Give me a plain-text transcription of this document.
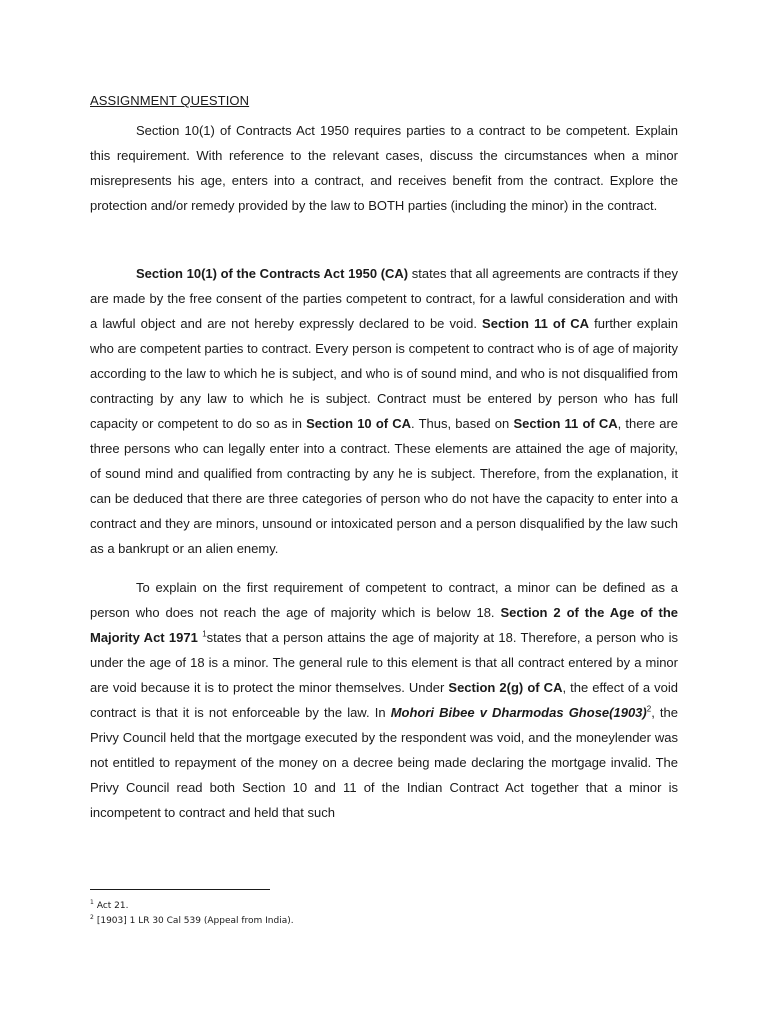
ASSIGNMENT QUESTION

Section 10(1) of Contracts Act 1950 requires parties to a contract to be competent. Explain this requirement. With reference to the relevant cases, discuss the circumstances when a minor misrepresents his age, enters into a contract, and receives benefit from the contract. Explore the protection and/or remedy provided by the law to BOTH parties (including the minor) in the contract.

Section 10(1) of the Contracts Act 1950 (CA) states that all agreements are contracts if they are made by the free consent of the parties competent to contract, for a lawful consideration and with a lawful object and are not hereby expressly declared to be void. Section 11 of CA further explain who are competent parties to contract. Every person is competent to contract who is of age of majority according to the law to which he is subject, and who is of sound mind, and who is not disqualified from contracting by any law to which he is subject. Contract must be entered by person who has full capacity or competent to do so as in Section 10 of CA. Thus, based on Section 11 of CA, there are three persons who can legally enter into a contract. These elements are attained the age of majority, of sound mind and qualified from contracting by any he is subject. Therefore, from the explanation, it can be deduced that there are three categories of person who do not have the capacity to enter into a contract and they are minors, unsound or intoxicated person and a person disqualified by the law such as a bankrupt or an alien enemy.

To explain on the first requirement of competent to contract, a minor can be defined as a person who does not reach the age of majority which is below 18. Section 2 of the Age of the Majority Act 1971 $^1$states that a person attains the age of majority at 18. Therefore, a person who is under the age of 18 is a minor. The general rule to this element is that all contract entered by a minor are void because it is to protect the minor themselves. Under Section 2(g) of CA, the effect of a void contract is that it is not enforceable by the law. In Mohori Bibee v Dharmodas Ghose(1903)$^2$, the Privy Council held that the mortgage executed by the respondent was void, and the moneylender was not entitled to repayment of the money on a decree being made declaring the mortgage invalid. The Privy Council read both Section 10 and 11 of the Indian Contract Act together that a minor is incompetent to contract and held that such

$^1$ Act 21.
$^2$ [1903] 1 LR 30 Cal 539 (Appeal from India).
